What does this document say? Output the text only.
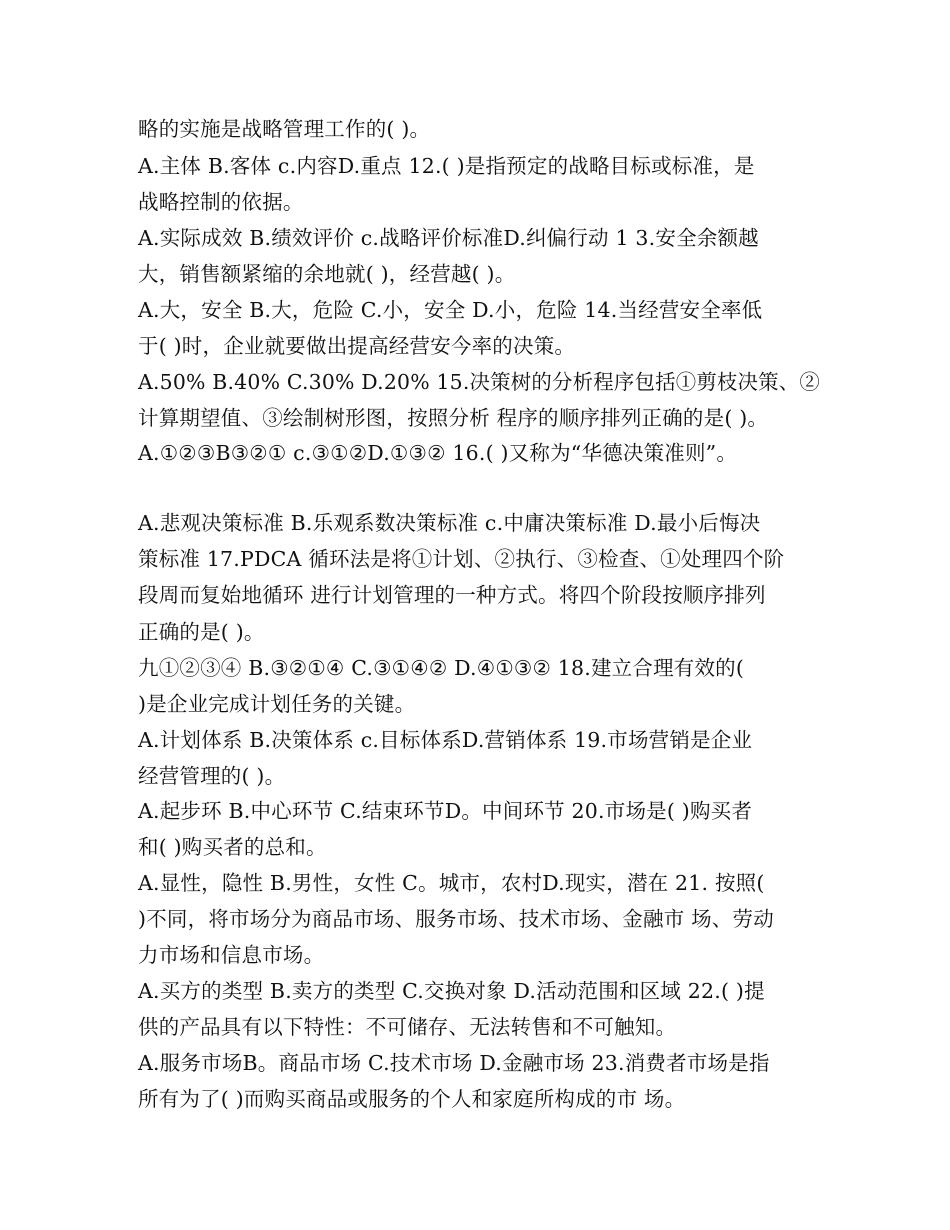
略的实施是战略管理工作的( )。

A.主体 B.客体 c.内容D.重点 12.( )是指预定的战略目标或标准，是

战略控制的依据。

A.实际成效 B.绩效评价 c.战略评价标准D.纠偏行动 1 3.安全余额越

大，销售额紧缩的余地就( )，经营越( )。

A.大，安全 B.大，危险 C.小，安全 D.小，危险 14.当经营安全率低

于( )时，企业就要做出提高经营安今率的决策。

A.50% B.40% C.30% D.20% 15.决策树的分析程序包括①剪枝决策、②

计算期望值、③绘制树形图，按照分析 程序的顺序排列正确的是( )。

A.①②③B③②① c.③①②D.①③② 16.( )又称为“华德决策准则”。

A.悲观决策标准 B.乐观系数决策标准 c.中庸决策标准 D.最小后悔决

策标准 17.PDCA 循环法是将①计划、②执行、③检查、①处理四个阶

段周而复始地循环 进行计划管理的一种方式。将四个阶段按顺序排列

正确的是( )。

九①②③④ B.③②①④ C.③①④② D.④①③② 18.建立合理有效的(

)是企业完成计划任务的关键。

A.计划体系 B.决策体系 c.目标体系D.营销体系 19.市场营销是企业

经营管理的( )。

A.起步环 B.中心环节 C.结束环节D。中间环节 20.市场是( )购买者

和( )购买者的总和。

A.显性，隐性 B.男性，女性 C。城市，农村D.现实，潜在 21. 按照(

)不同，将市场分为商品市场、服务市场、技术市场、金融市 场、劳动

力市场和信息市场。

A.买方的类型 B.卖方的类型 C.交换对象 D.活动范围和区域 22.( )提

供的产品具有以下特性：不可储存、无法转售和不可触知。

A.服务市场B。商品市场 C.技术市场 D.金融市场 23.消费者市场是指

所有为了( )而购买商品或服务的个人和家庭所构成的市 场。
